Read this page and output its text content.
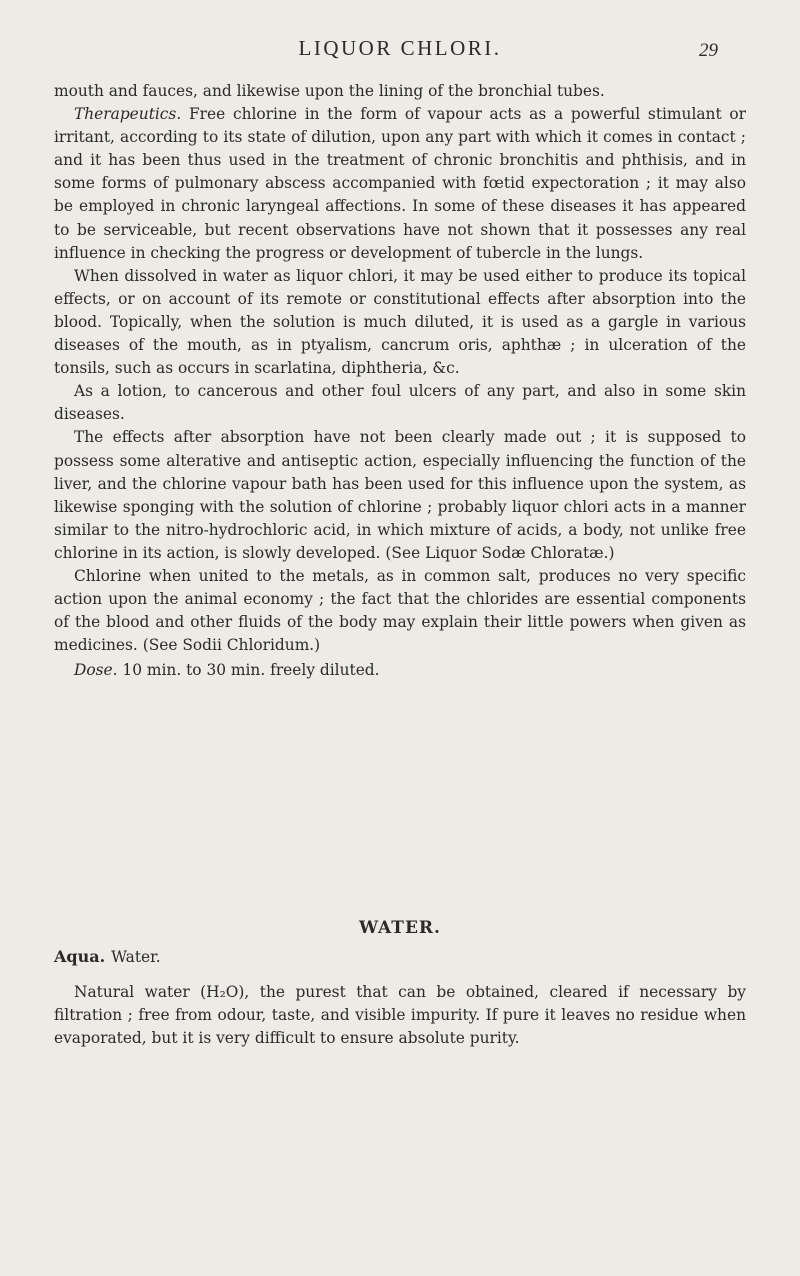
LIQUOR CHLORI.	29

mouth and fauces, and likewise upon the lining of the bronchial tubes.

Therapeutics. Free chlorine in the form of vapour acts as a powerful stimulant or irritant, according to its state of dilution, upon any part with which it comes in contact ; and it has been thus used in the treatment of chronic bronchitis and phthisis, and in some forms of pulmonary abscess accompanied with fœtid expectoration ; it may also be employed in chronic laryngeal affections. In some of these diseases it has appeared to be serviceable, but recent observations have not shown that it possesses any real influence in checking the progress or development of tubercle in the lungs.

When dissolved in water as liquor chlori, it may be used either to produce its topical effects, or on account of its remote or constitutional effects after absorption into the blood. Topically, when the solution is much diluted, it is used as a gargle in various diseases of the mouth, as in ptyalism, cancrum oris, aphthæ ; in ulceration of the tonsils, such as occurs in scarlatina, diphtheria, &c.

As a lotion, to cancerous and other foul ulcers of any part, and also in some skin diseases.

The effects after absorption have not been clearly made out ; it is supposed to possess some alterative and antiseptic action, especially influencing the function of the liver, and the chlorine vapour bath has been used for this influence upon the system, as likewise sponging with the solution of chlorine ; probably liquor chlori acts in a manner similar to the nitro-hydrochloric acid, in which mixture of acids, a body, not unlike free chlorine in its action, is slowly developed. (See Liquor Sodæ Chloratæ.)

Chlorine when united to the metals, as in common salt, produces no very specific action upon the animal economy ; the fact that the chlorides are essential components of the blood and other fluids of the body may explain their little powers when given as medicines. (See Sodii Chloridum.)

Dose. 10 min. to 30 min. freely diluted.

WATER.

Aqua. Water.

Natural water (H₂O), the purest that can be obtained, cleared if necessary by filtration ; free from odour, taste, and visible impurity. If pure it leaves no residue when evaporated, but it is very difficult to ensure absolute purity.
